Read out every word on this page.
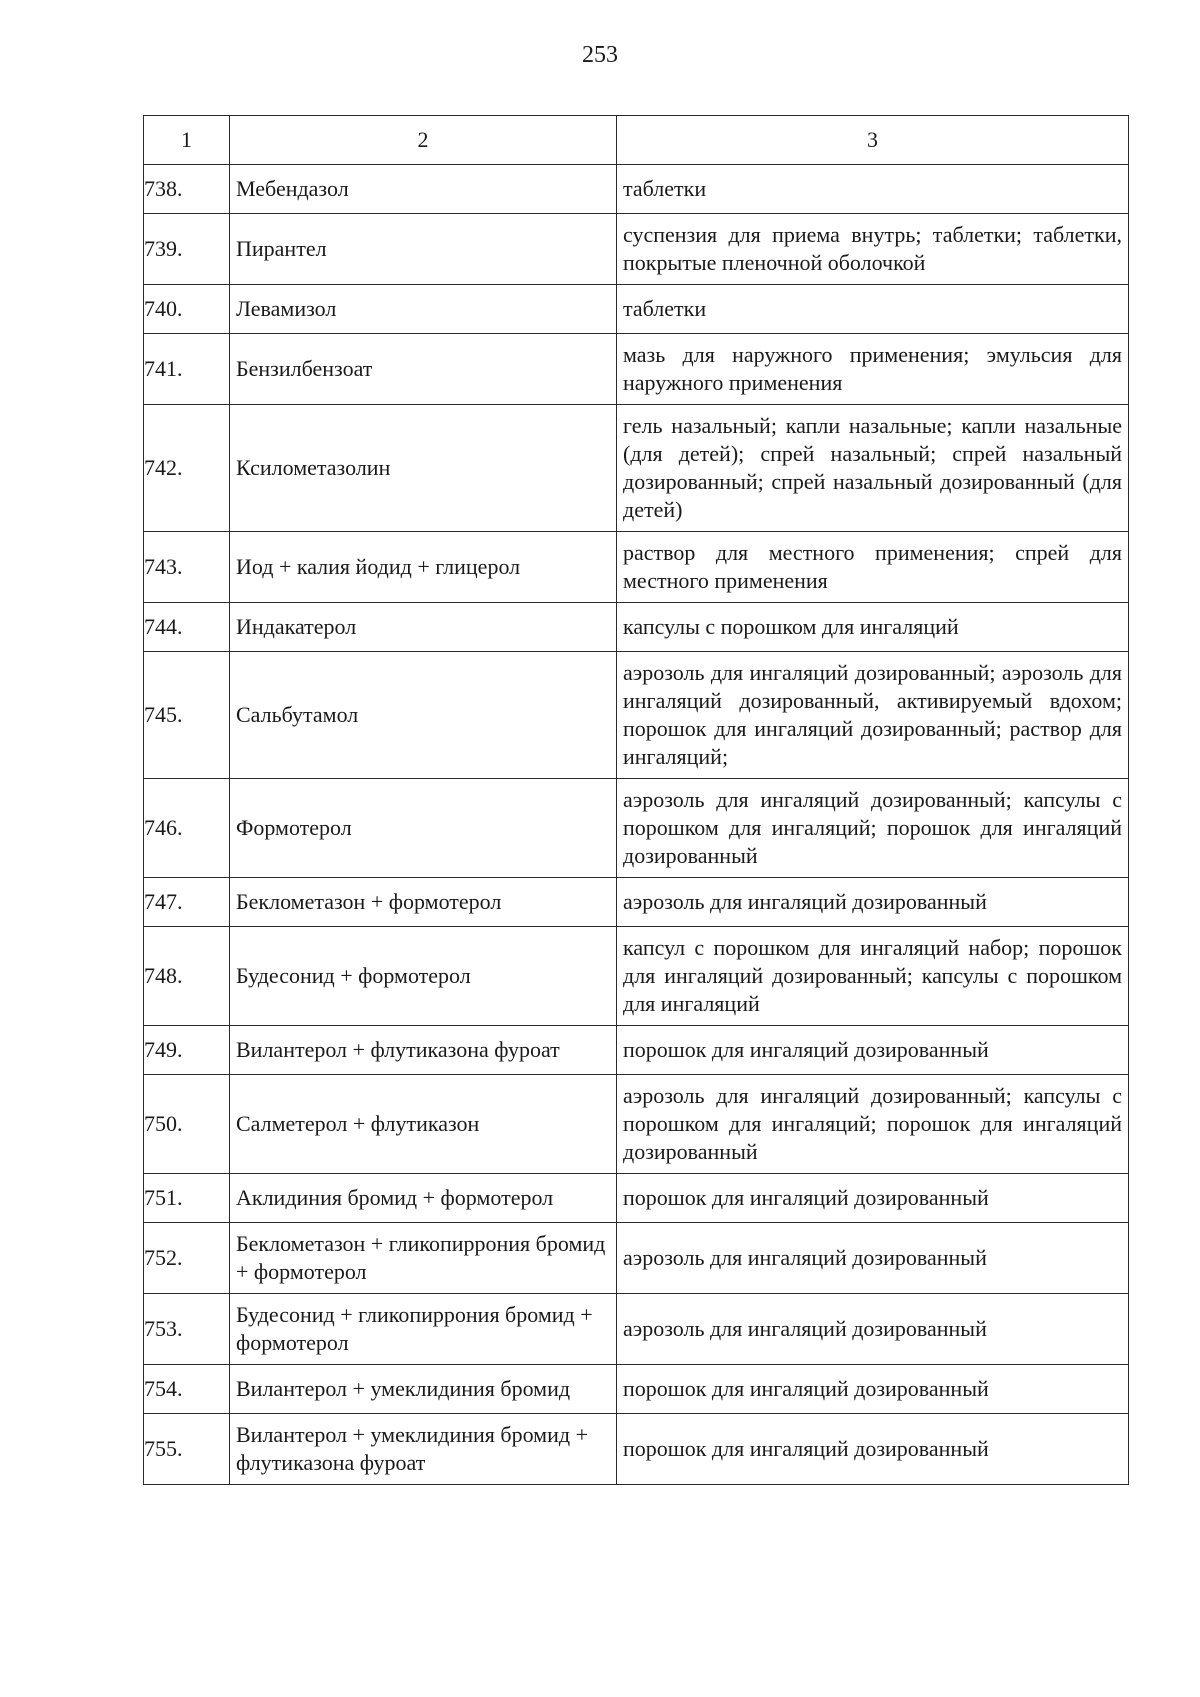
253
1	2	3
738.	Мебендазол	таблетки
739.	Пирантел	суспензия для приема внутрь; таблетки; таблетки, покрытые пленочной оболочкой
740.	Левамизол	таблетки
741.	Бензилбензоат	мазь для наружного применения; эмульсия для наружного применения
742.	Ксилометазолин	гель назальный; капли назальные; капли назальные (для детей); спрей назальный; спрей назальный дозированный; спрей назальный дозированный (для детей)
743.	Иод + калия йодид + глицерол	раствор для местного применения; спрей для местного применения
744.	Индакатерол	капсулы с порошком для ингаляций
745.	Сальбутамол	аэрозоль для ингаляций дозированный; аэрозоль для ингаляций дозированный, активируемый вдохом; порошок для ингаляций дозированный; раствор для ингаляций;
746.	Формотерол	аэрозоль для ингаляций дозированный; капсулы с порошком для ингаляций; порошок для ингаляций дозированный
747.	Беклометазон + формотерол	аэрозоль для ингаляций дозированный
748.	Будесонид + формотерол	капсул с порошком для ингаляций набор; порошок для ингаляций дозированный; капсулы с порошком для ингаляций
749.	Вилантерол + флутиказона фуроат	порошок для ингаляций дозированный
750.	Салметерол + флутиказон	аэрозоль для ингаляций дозированный; капсулы с порошком для ингаляций; порошок для ингаляций дозированный
751.	Аклидиния бромид + формотерол	порошок для ингаляций дозированный
752.	Беклометазон + гликопиррония бромид + формотерол	аэрозоль для ингаляций дозированный
753.	Будесонид + гликопиррония бромид + формотерол	аэрозоль для ингаляций дозированный
754.	Вилантерол + умеклидиния бромид	порошок для ингаляций дозированный
755.	Вилантерол + умеклидиния бромид + флутиказона фуроат	порошок для ингаляций дозированный
